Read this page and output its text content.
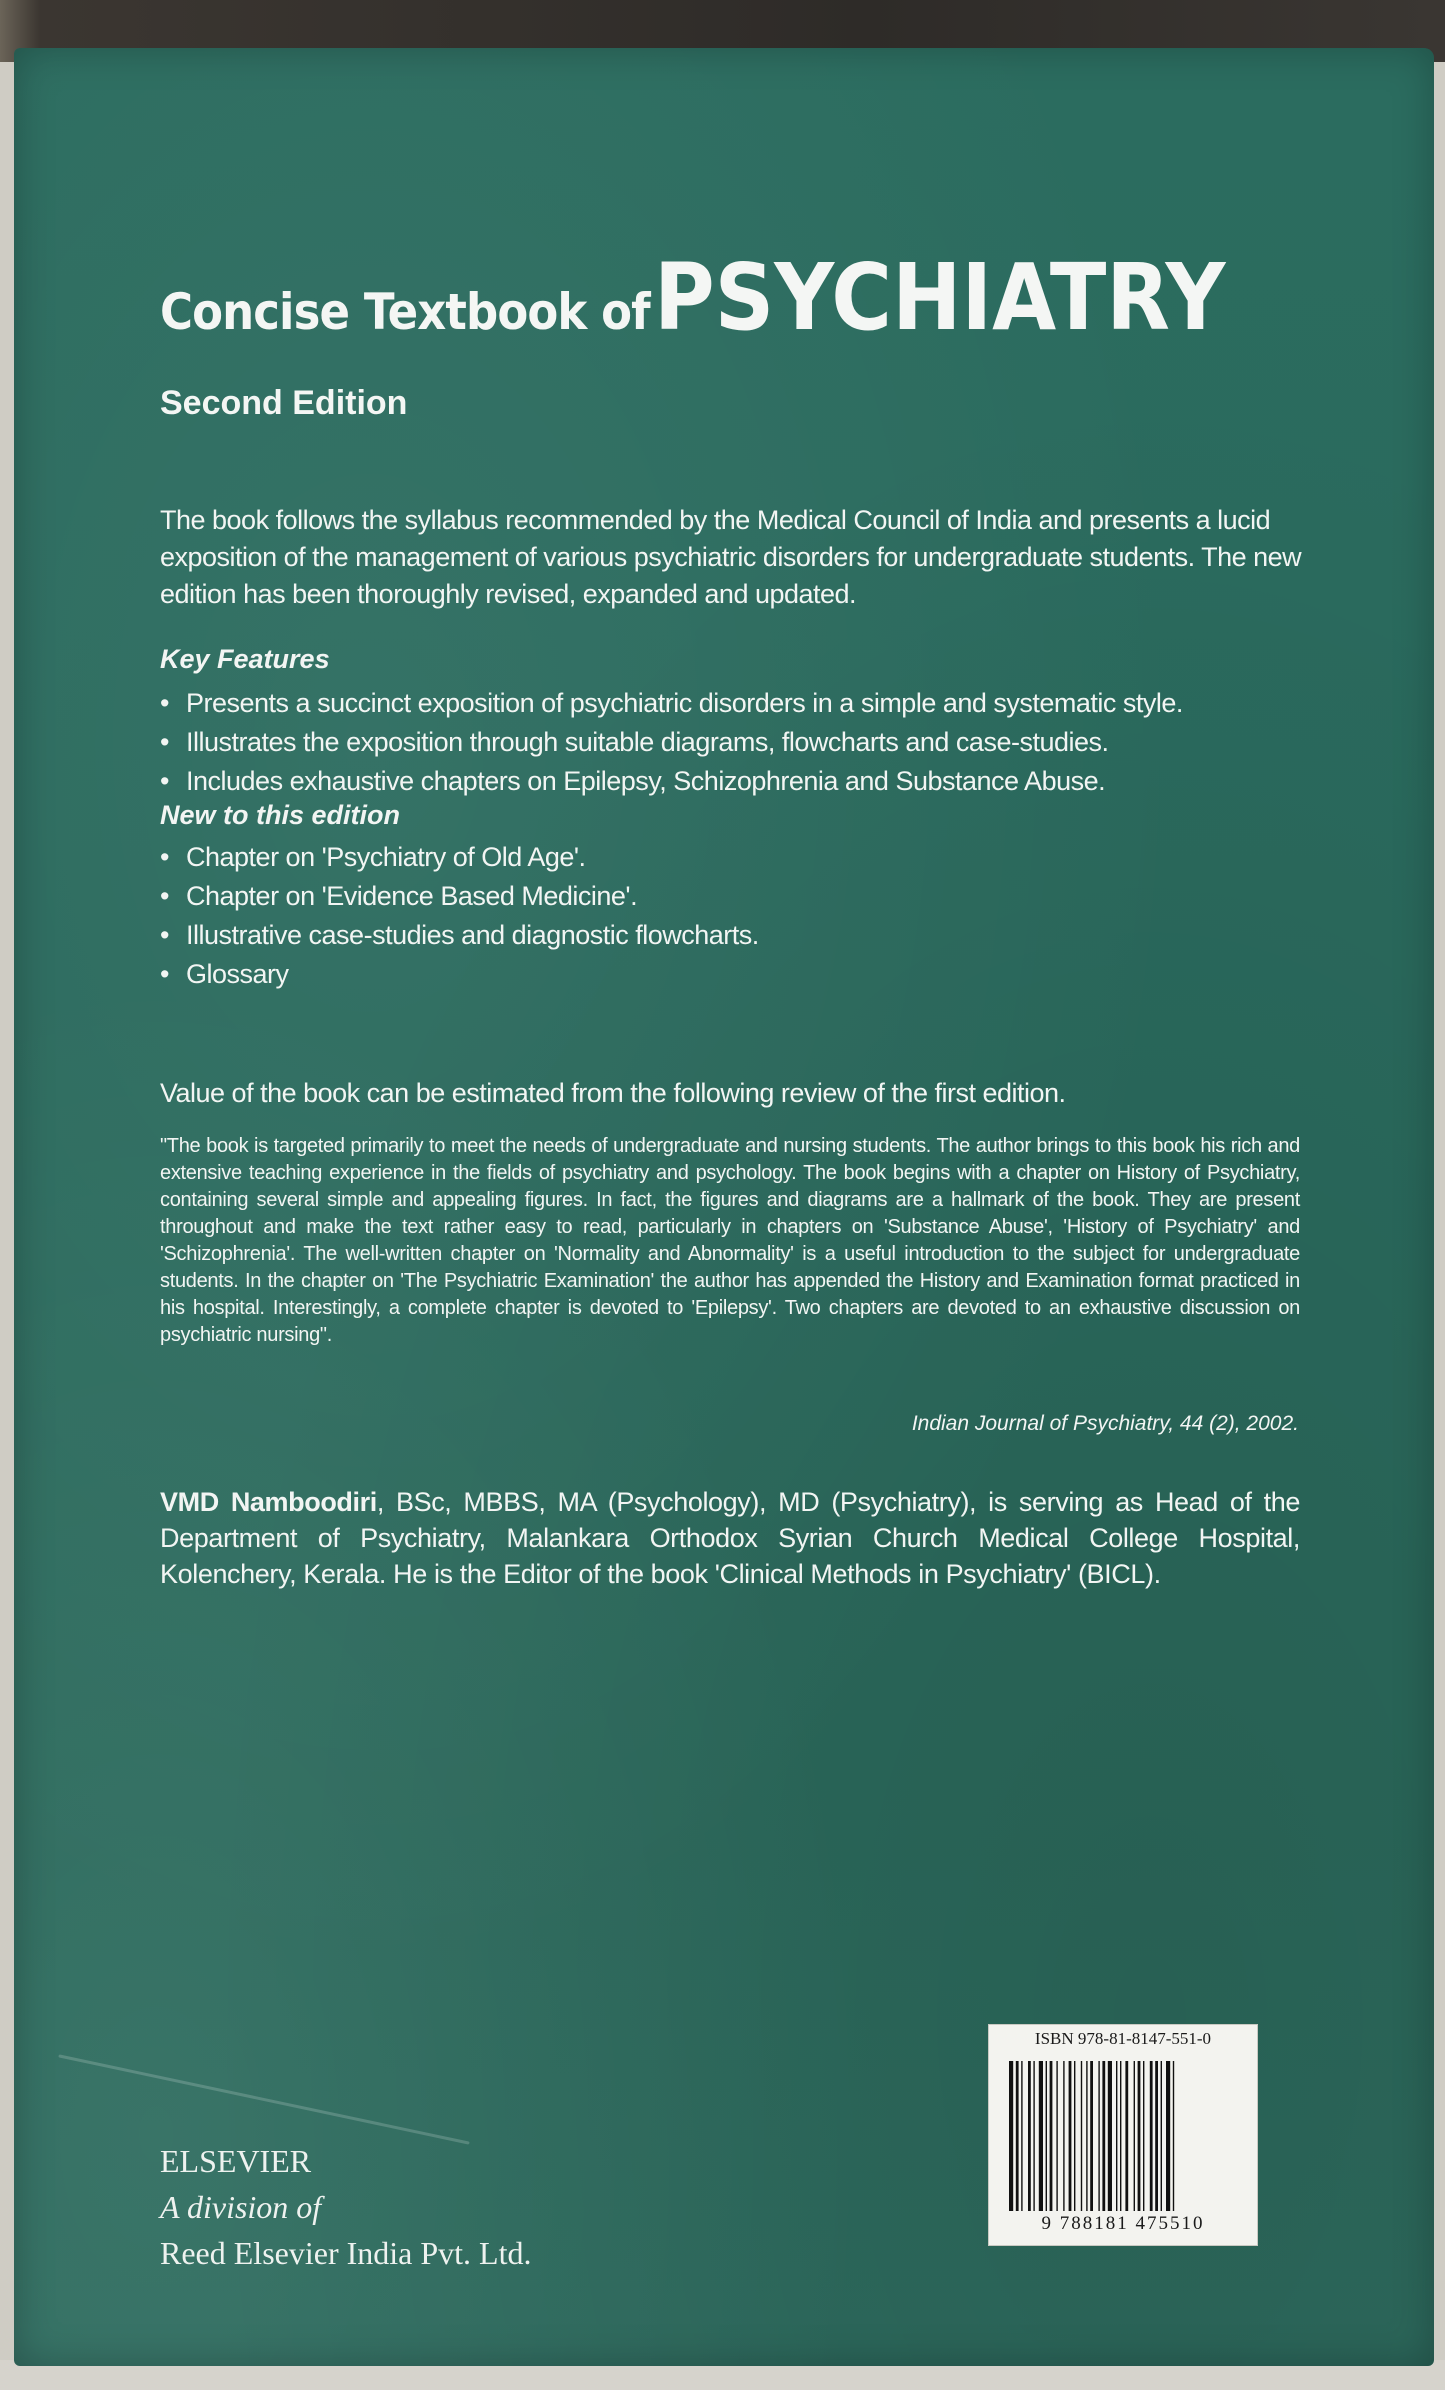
Concise Textbook of PSYCHIATRY
Second Edition
The book follows the syllabus recommended by the Medical Council of India and presents a lucid exposition of the management of various psychiatric disorders for undergraduate students. The new edition has been thoroughly revised, expanded and updated.
Key Features
• Presents a succinct exposition of psychiatric disorders in a simple and systematic style.
• Illustrates the exposition through suitable diagrams, flowcharts and case-studies.
• Includes exhaustive chapters on Epilepsy, Schizophrenia and Substance Abuse.
New to this edition
• Chapter on 'Psychiatry of Old Age'.
• Chapter on 'Evidence Based Medicine'.
• Illustrative case-studies and diagnostic flowcharts.
• Glossary
Value of the book can be estimated from the following review of the first edition.
"The book is targeted primarily to meet the needs of undergraduate and nursing students. The author brings to this book his rich and extensive teaching experience in the fields of psychiatry and psychology. The book begins with a chapter on History of Psychiatry, containing several simple and appealing figures. In fact, the figures and diagrams are a hallmark of the book. They are present throughout and make the text rather easy to read, particularly in chapters on 'Substance Abuse', 'History of Psychiatry' and 'Schizophrenia'. The well-written chapter on 'Normality and Abnormality' is a useful introduction to the subject for undergraduate students. In the chapter on 'The Psychiatric Examination' the author has appended the History and Examination format practiced in his hospital. Interestingly, a complete chapter is devoted to 'Epilepsy'. Two chapters are devoted to an exhaustive discussion on psychiatric nursing".
Indian Journal of Psychiatry, 44 (2), 2002.
VMD Namboodiri, BSc, MBBS, MA (Psychology), MD (Psychiatry), is serving as Head of the Department of Psychiatry, Malankara Orthodox Syrian Church Medical College Hospital, Kolenchery, Kerala. He is the Editor of the book 'Clinical Methods in Psychiatry' (BICL).
ELSEVIER
A division of
Reed Elsevier India Pvt. Ltd.
ISBN 978-81-8147-551-0
9 788181 475510
